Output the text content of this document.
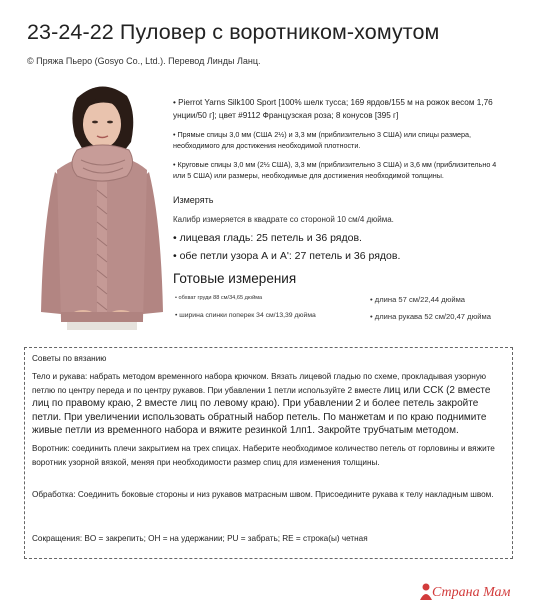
23-24-22 Пуловер с воротником-хомутом
© Пряжа Пьеро (Gosyo Co., Ltd.). Перевод Линды Ланц.
• Pierrot Yarns Silk100 Sport [100% шелк тусса; 169 ярдов/155 м на рожок весом 1,76 унции/50 г]; цвет #9112 Французская роза; 8 конусов [395 г]
• Прямые спицы 3,0 мм (США 2½) и 3,3 мм (приблизительно 3 США) или спицы размера, необходимого для достижения необходимой плотности.
• Круговые спицы 3,0 мм (2½ США), 3,3 мм (приблизительно 3 США) и 3,6 мм (приблизительно 4 или 5 США) или размеры, необходимые для достижения необходимой толщины.
Измерять
Калибр измеряется в квадрате со стороной 10 см/4 дюйма.
• лицевая гладь: 25 петель и 36 рядов.
• обе петли узора А и А': 27 петель и 36 рядов.
Готовые измерения
• обхват груди 88 см/34,65 дюйма
• ширина спинки поперек 34 см/13,39 дюйма
• длина 57 см/22,44 дюйма
• длина рукава 52 см/20,47 дюйма
Советы по вязанию
Тело и рукава: набрать методом временного набора крючком. Вязать лицевой гладью по схеме, прокладывая узорную петлю по центру переда и по центру рукавов. При убавлении 1 петли используйте 2 вместе лиц или ССК (2 вместе лиц по правому краю, 2 вместе лиц по левому краю). При убавлении 2 и более петель закройте петли. При увеличении использовать обратный набор петель. По манжетам и по краю поднимите живые петли из временного набора и вяжите резинкой 1лп1. Закройте трубчатым методом.
Воротник: соединить плечи закрытием на трех спицах. Наберите необходимое количество петель от горловины и вяжите воротник узорной вязкой, меняя при необходимости размер спиц для изменения толщины.
Обработка: Соединить боковые стороны и низ рукавов матрасным швом. Присоедините рукава к телу накладным швом.
Сокращения: BO = закрепить; OH = на удержании; PU = забрать; RE = строка(ы) четная
Страна Мам
